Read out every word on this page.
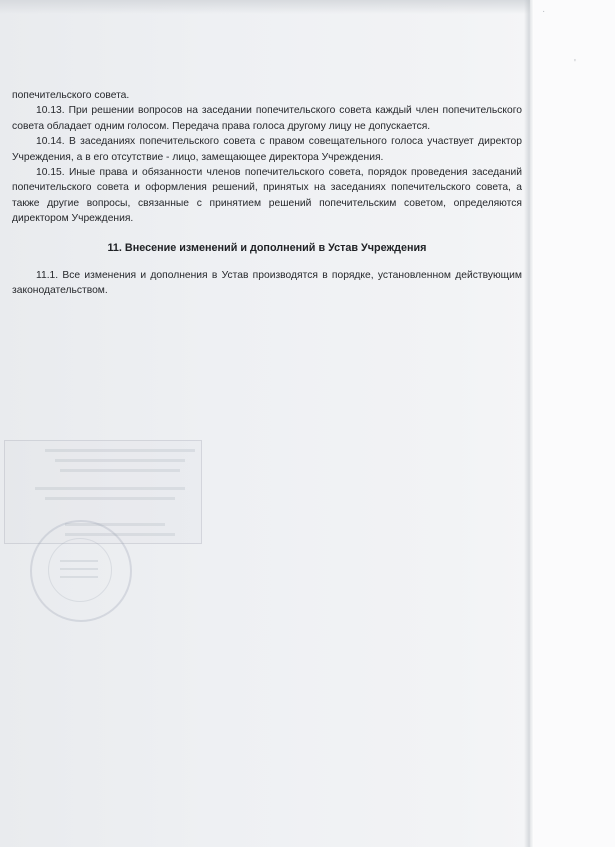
попечительского совета.

10.13. При решении вопросов на заседании попечительского совета каждый член попечительского совета обладает одним голосом. Передача права голоса другому лицу не допускается.

10.14. В заседаниях попечительского совета с правом совещательного голоса участвует директор Учреждения, а в его отсутствие - лицо, замещающее директора Учреждения.

10.15. Иные права и обязанности членов попечительского совета, порядок проведения заседаний попечительского совета и оформления решений, принятых на заседаниях попечительского совета, а также другие вопросы, связанные с принятием решений попечительским советом, определяются директором Учреждения.

11. Внесение изменений и дополнений в Устав Учреждения

11.1. Все изменения и дополнения в Устав производятся в порядке, установленном действующим законодательством.

·
'
